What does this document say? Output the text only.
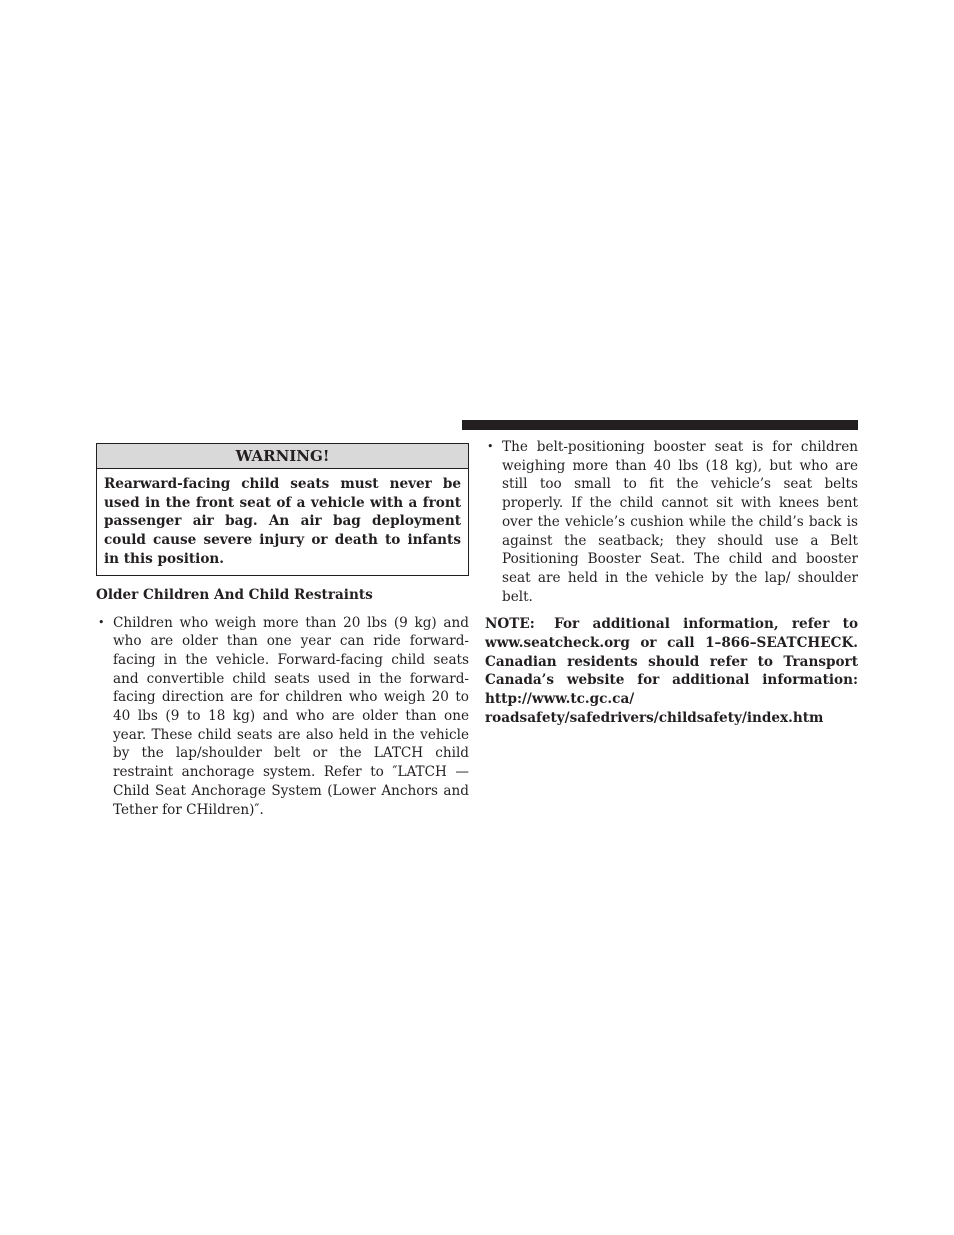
WARNING!
Rearward-facing child seats must never be used in the front seat of a vehicle with a front passenger air bag. An air bag deployment could cause severe injury or death to infants in this position.
Older Children And Child Restraints
• Children who weigh more than 20 lbs (9 kg) and who are older than one year can ride forward-facing in the vehicle. Forward-facing child seats and convertible child seats used in the forward-facing direction are for children who weigh 20 to 40 lbs (9 to 18 kg) and who are older than one year. These child seats are also held in the vehicle by the lap/shoulder belt or the LATCH child restraint anchorage system. Refer to ″LATCH — Child Seat Anchorage System (Lower Anchors and Tether for CHildren)″.
• The belt-positioning booster seat is for children weighing more than 40 lbs (18 kg), but who are still too small to fit the vehicle’s seat belts properly. If the child cannot sit with knees bent over the vehicle’s cushion while the child’s back is against the seatback; they should use a Belt Positioning Booster Seat. The child and booster seat are held in the vehicle by the lap/ shoulder belt.
NOTE: For additional information, refer to www.seatcheck.org or call 1–866–SEATCHECK. Canadian residents should refer to Transport Canada’s website for additional information: http://www.tc.gc.ca/ roadsafety/safedrivers/childsafety/index.htm
